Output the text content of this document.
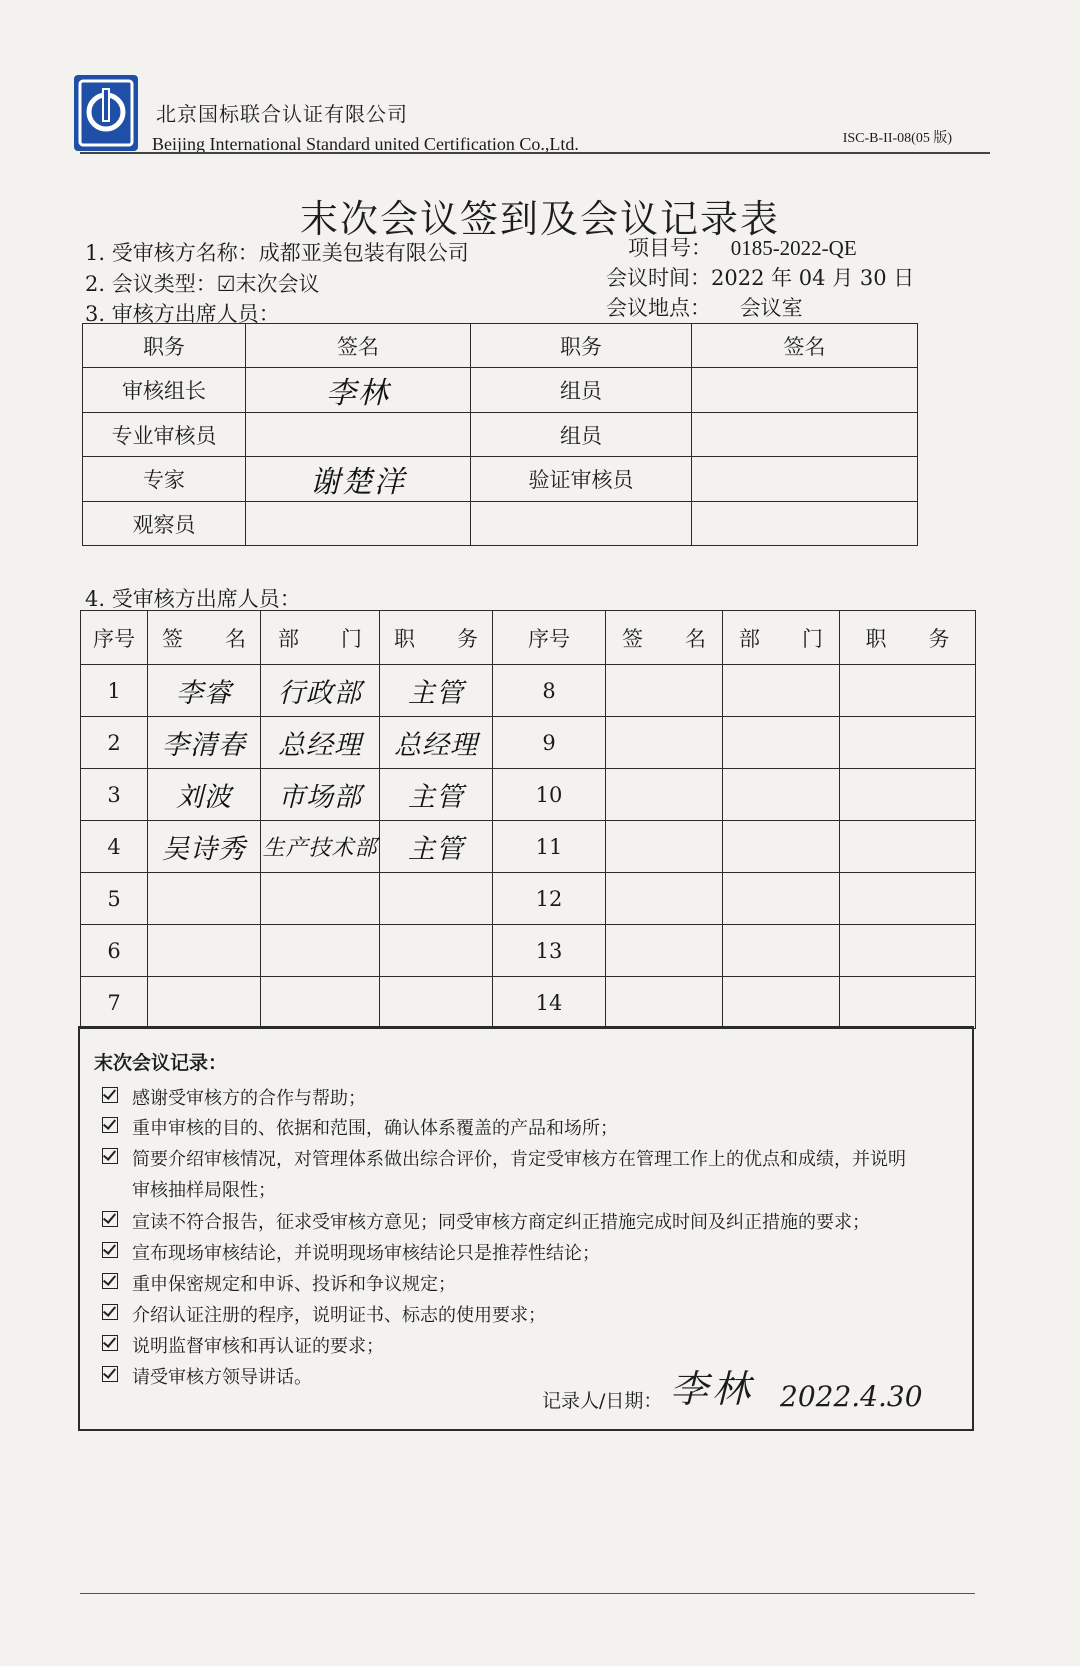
北京国标联合认证有限公司
Beijing International Standard united Certification Co.,Ltd.	ISC-B-II-08(05 版)
末次会议签到及会议记录表
1. 受审核方名称：成都亚美包装有限公司
2. 会议类型：☑末次会议
3. 审核方出席人员：
项目号： 0185-2022-QE
会议时间：2022 年 04 月 30 日
会议地点： 会议室
职务	签名	职务	签名
审核组长	李林	组员	
专业审核员		组员	
专家	谢楚洋	验证审核员	
观察员			
4. 受审核方出席人员：
序号	签　　名	部　　门	职　　务	序号	签　　名	部　　门	职　　务
1	李睿	行政部	主管	8			
2	李清春	总经理	总经理	9			
3	刘波	市场部	主管	10			
4	吴诗秀	生产技术部	主管	11			
5				12			
6				13			
7				14			
末次会议记录：
感谢受审核方的合作与帮助；
重申审核的目的、依据和范围，确认体系覆盖的产品和场所；
简要介绍审核情况，对管理体系做出综合评价，肯定受审核方在管理工作上的优点和成绩，并说明
审核抽样局限性；
宣读不符合报告，征求受审核方意见；同受审核方商定纠正措施完成时间及纠正措施的要求；
宣布现场审核结论，并说明现场审核结论只是推荐性结论；
重申保密规定和申诉、投诉和争议规定；
介绍认证注册的程序，说明证书、标志的使用要求；
说明监督审核和再认证的要求；
请受审核方领导讲话。
记录人/日期： 李林 2022.4.30
